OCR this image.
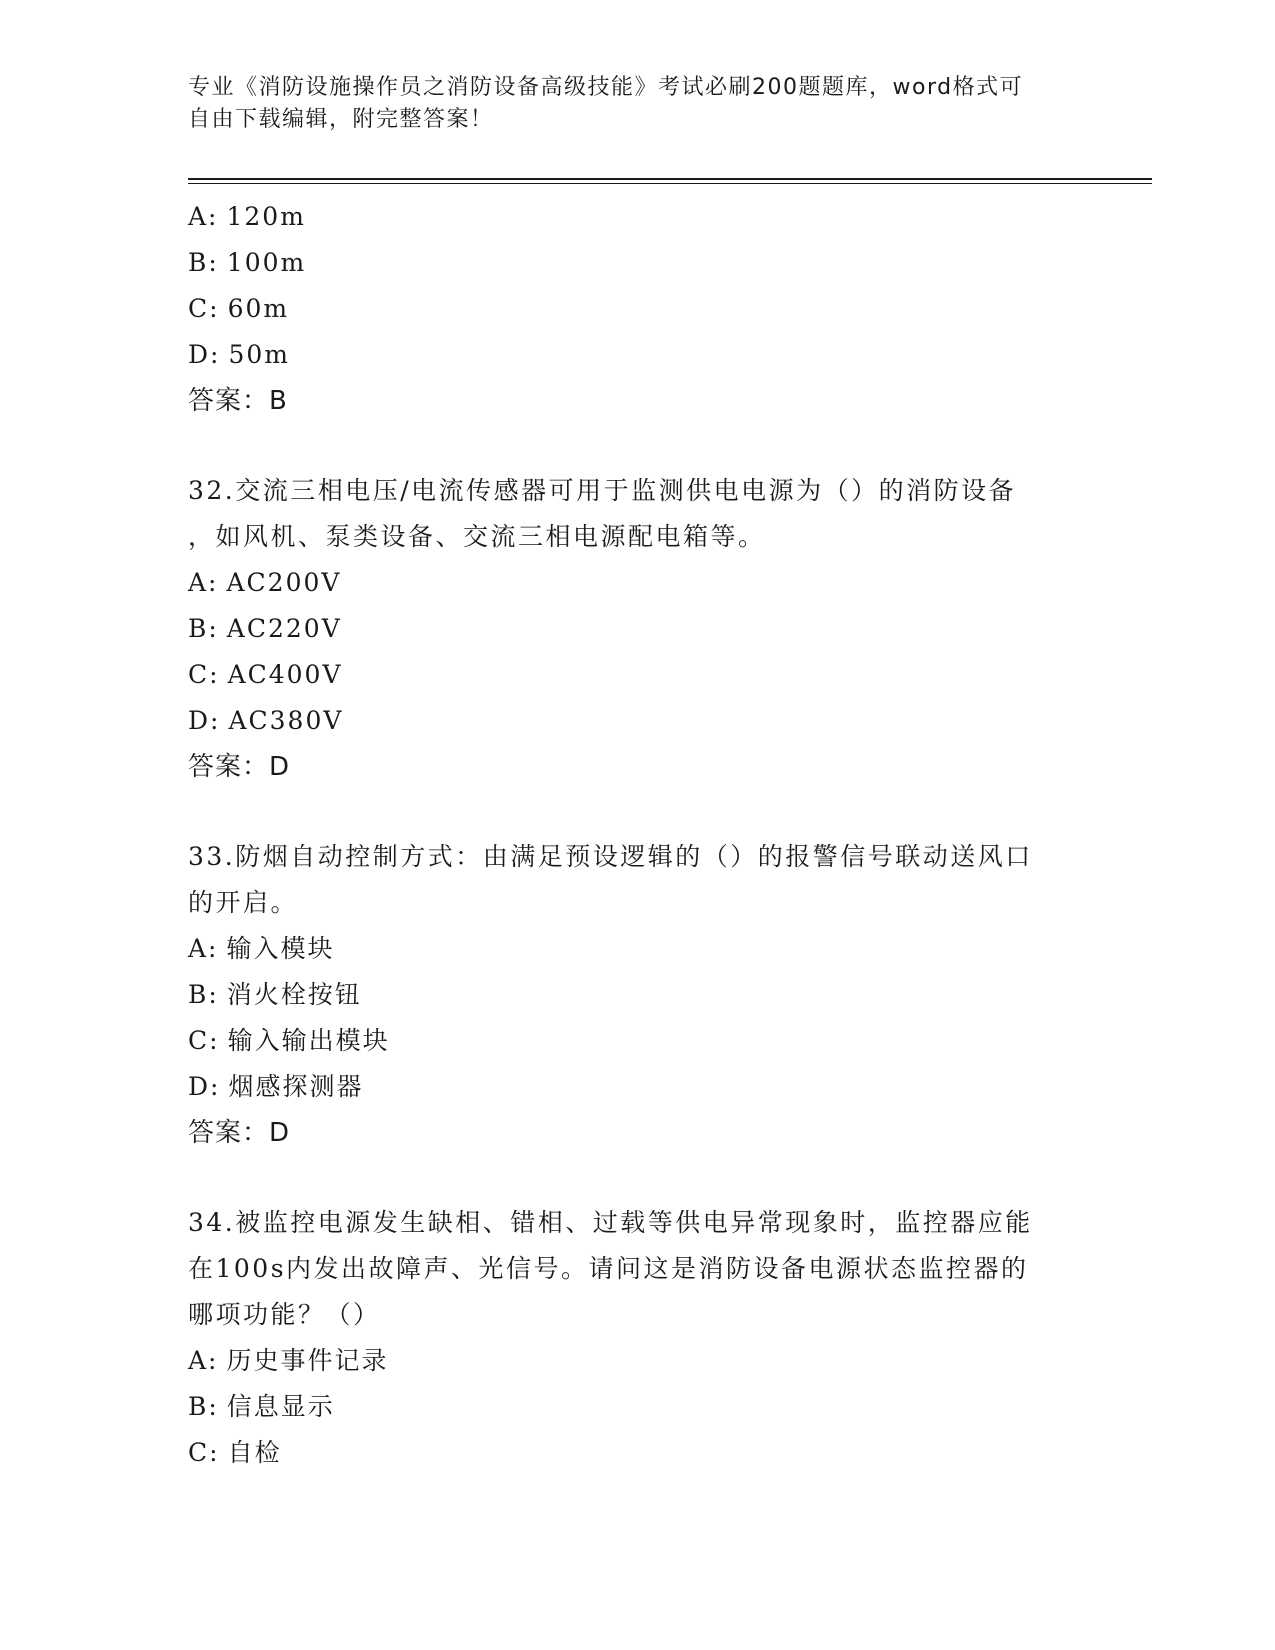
专业《消防设施操作员之消防设备高级技能》考试必刷200题题库，word格式可
自由下载编辑，附完整答案！
A: 120m
B: 100m
C: 60m
D: 50m
答案：B
32.交流三相电压/电流传感器可用于监测供电电源为（）的消防设备
，如风机、泵类设备、交流三相电源配电箱等。
A: AC200V
B: AC220V
C: AC400V
D: AC380V
答案：D
33.防烟自动控制方式：由满足预设逻辑的（）的报警信号联动送风口
的开启。
A: 输入模块
B: 消火栓按钮
C: 输入输出模块
D: 烟感探测器
答案：D
34.被监控电源发生缺相、错相、过载等供电异常现象时，监控器应能
在100s内发出故障声、光信号。请问这是消防设备电源状态监控器的
哪项功能？（）
A: 历史事件记录
B: 信息显示
C: 自检
